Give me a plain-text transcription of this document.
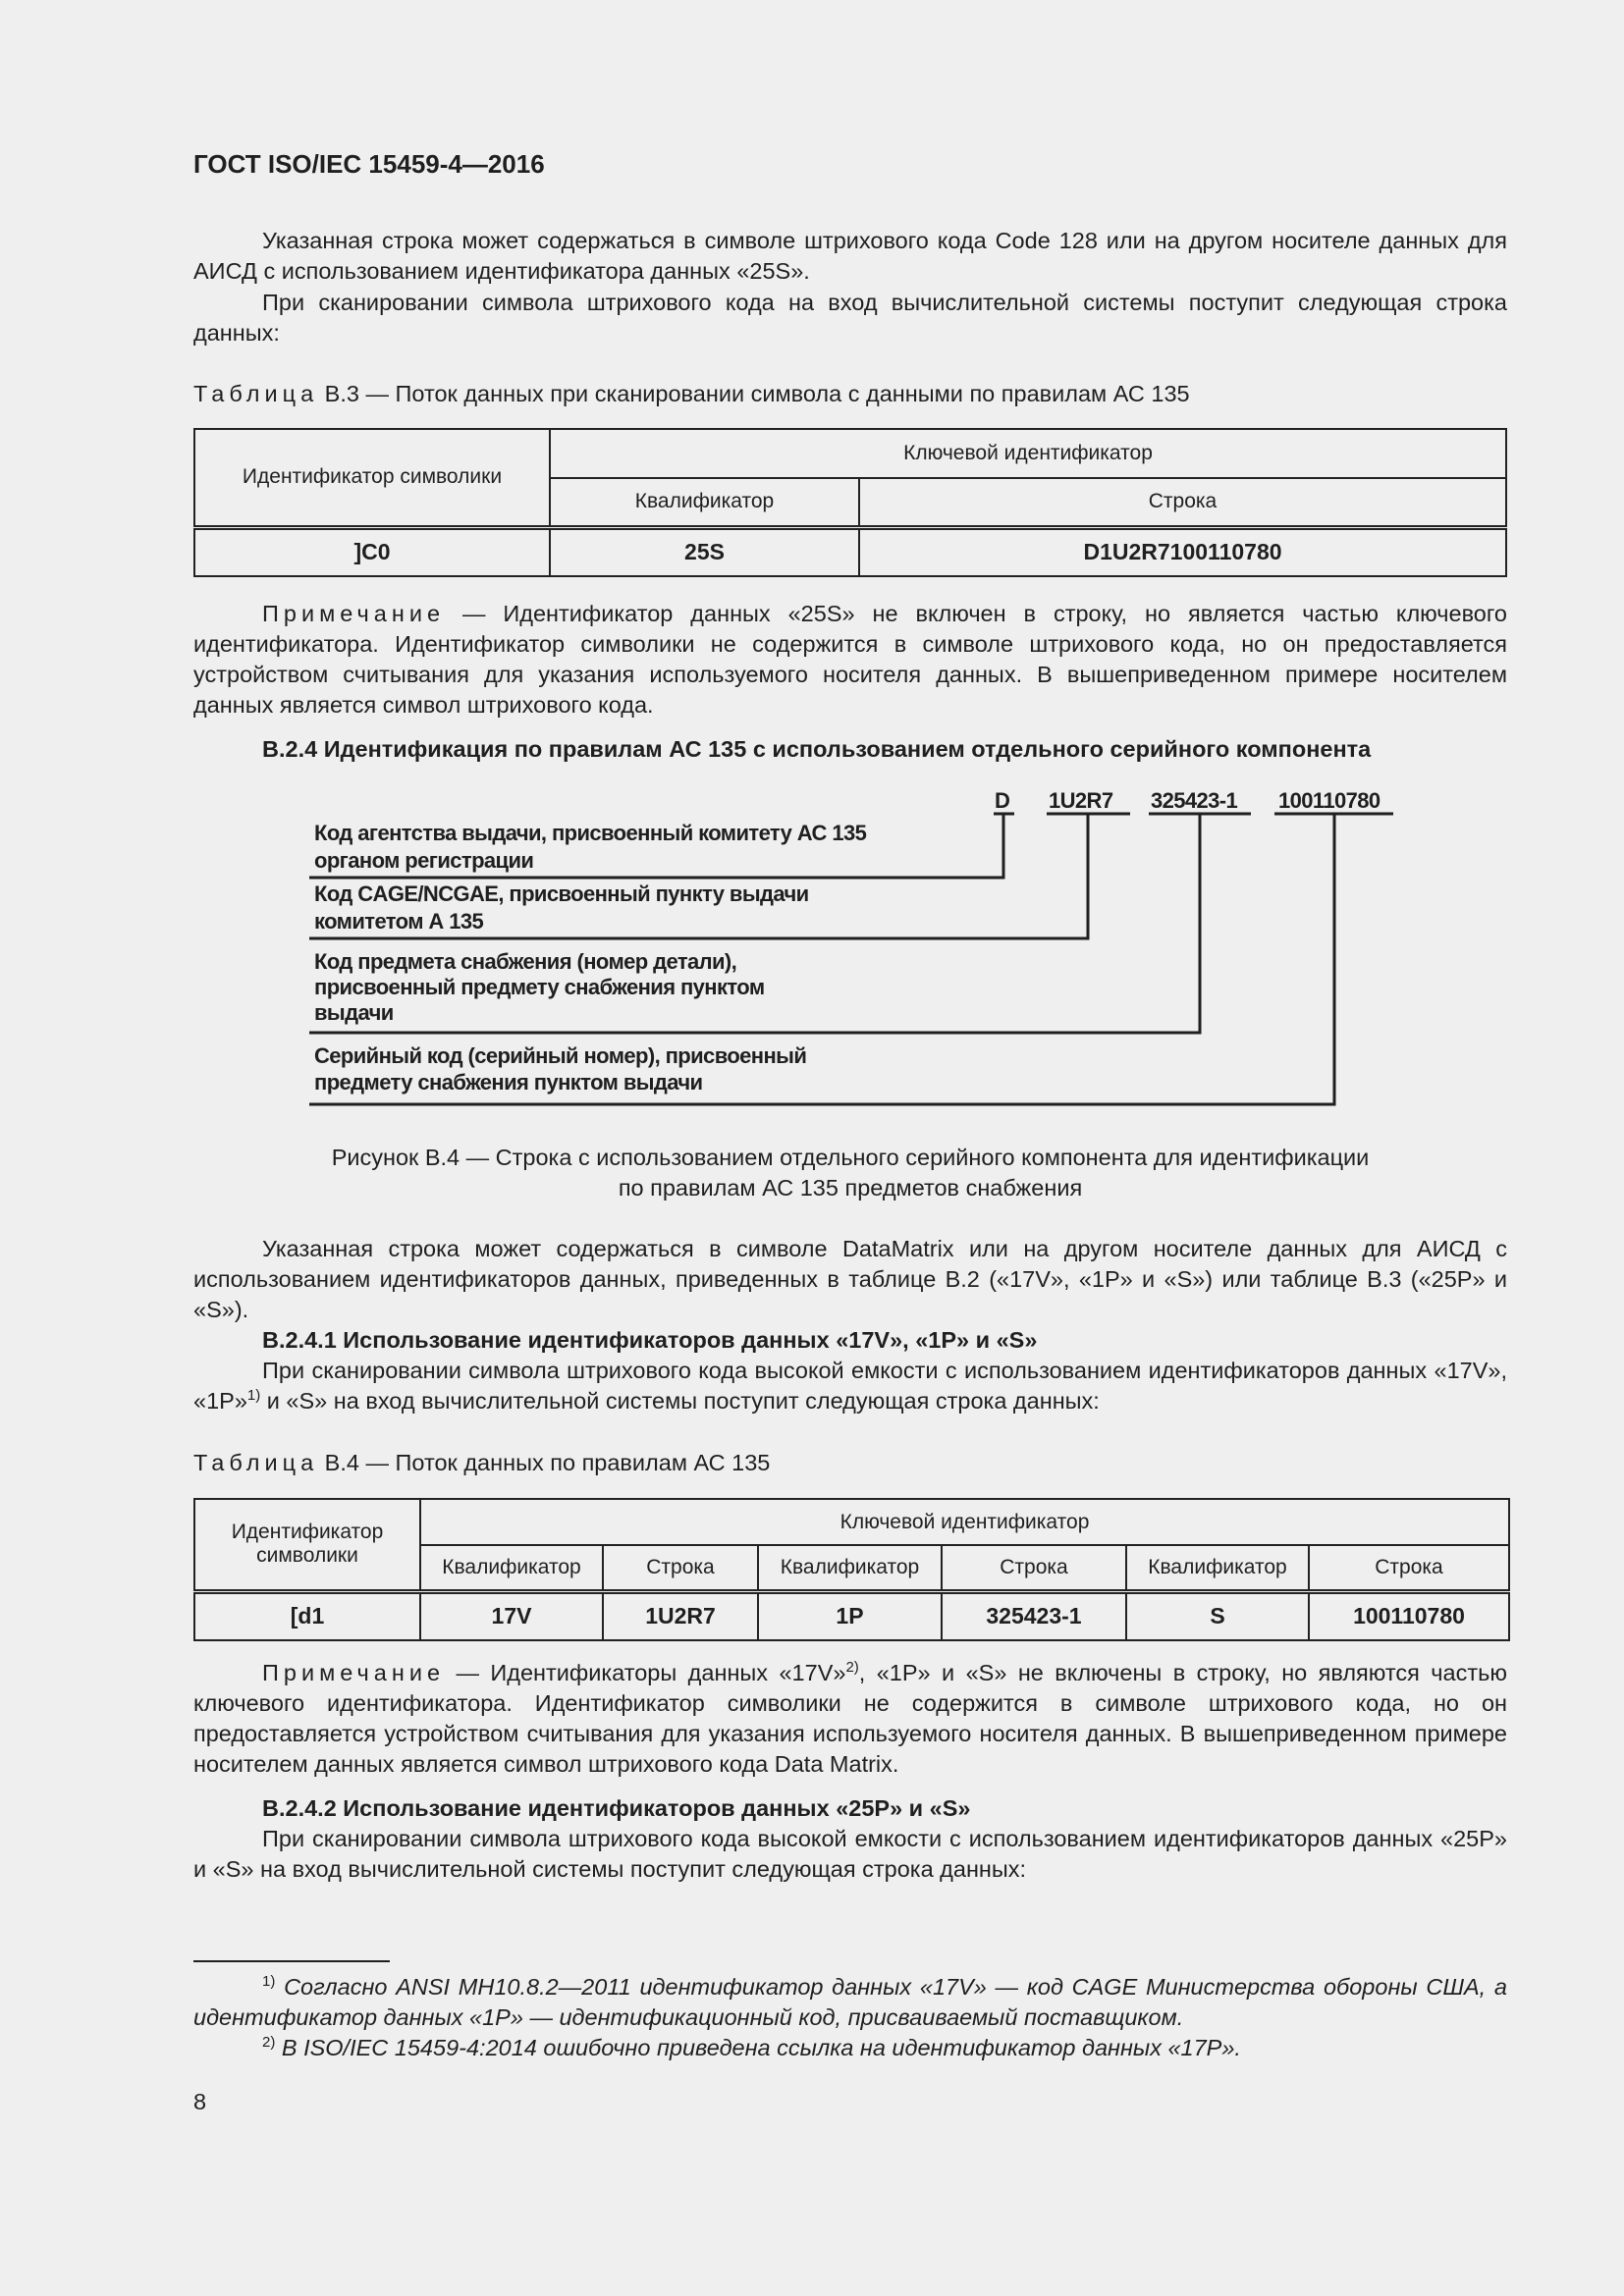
ГОСТ ISO/IEC 15459-4—2016
Указанная строка может содержаться в символе штрихового кода Code 128 или на другом носителе данных для АИСД с использованием идентификатора данных «25S».
При сканировании символа штрихового кода на вход вычислительной системы поступит следующая строка данных:
Таблица В.3 — Поток данных при сканировании символа с данными по правилам АС 135
Идентификатор символики	Ключевой идентификатор	
	Квалификатор	Строка
]C0	25S	D1U2R7100110780
Примечание — Идентификатор данных «25S» не включен в строку, но является частью ключевого идентификатора. Идентификатор символики не содержится в символе штрихового кода, но он предоставляется устройством считывания для указания используемого носителя данных. В вышеприведенном примере носителем данных является символ штрихового кода.
В.2.4 Идентификация по правилам АС 135 с использованием отдельного серийного компонента
D 1U2R7 325423-1 100110780
Код агентства выдачи, присвоенный комитету АС 135
органом регистрации
Код CAGE/NCGAE, присвоенный пункту выдачи
комитетом А 135
Код предмета снабжения (номер детали),
присвоенный предмету снабжения пунктом
выдачи
Серийный код (серийный номер), присвоенный
предмету снабжения пунктом выдачи
Рисунок В.4 — Строка с использованием отдельного серийного компонента для идентификации
по правилам АС 135 предметов снабжения
Указанная строка может содержаться в символе DataMatrix или на другом носителе данных для АИСД с использованием идентификаторов данных, приведенных в таблице В.2 («17V», «1P» и «S») или таблице В.3 («25P» и «S»).
В.2.4.1 Использование идентификаторов данных «17V», «1P» и «S»
При сканировании символа штрихового кода высокой емкости с использованием идентификаторов данных «17V», «1P»$^{1)}$ и «S» на вход вычислительной системы поступит следующая строка данных:
Таблица В.4 — Поток данных по правилам АС 135
Идентификатор символики	Ключевой идентификатор					
	Квалификатор	Строка	Квалификатор	Строка	Квалификатор	Строка
[d1	17V	1U2R7	1P	325423-1	S	100110780
Примечание — Идентификаторы данных «17V»$^{2)}$, «1P» и «S» не включены в строку, но являются частью ключевого идентификатора. Идентификатор символики не содержится в символе штрихового кода, но он предоставляется устройством считывания для указания используемого носителя данных. В вышеприведенном примере носителем данных является символ штрихового кода Data Matrix.
В.2.4.2 Использование идентификаторов данных «25P» и «S»
При сканировании символа штрихового кода высокой емкости с использованием идентификаторов данных «25P» и «S» на вход вычислительной системы поступит следующая строка данных:
$^{1)}$ Согласно ANSI MH10.8.2—2011 идентификатор данных «17V» — код CAGE Министерства обороны США, а идентификатор данных «1P» — идентификационный код, присваиваемый поставщиком.
$^{2)}$ В ISO/IEC 15459-4:2014 ошибочно приведена ссылка на идентификатор данных «17P».
8
